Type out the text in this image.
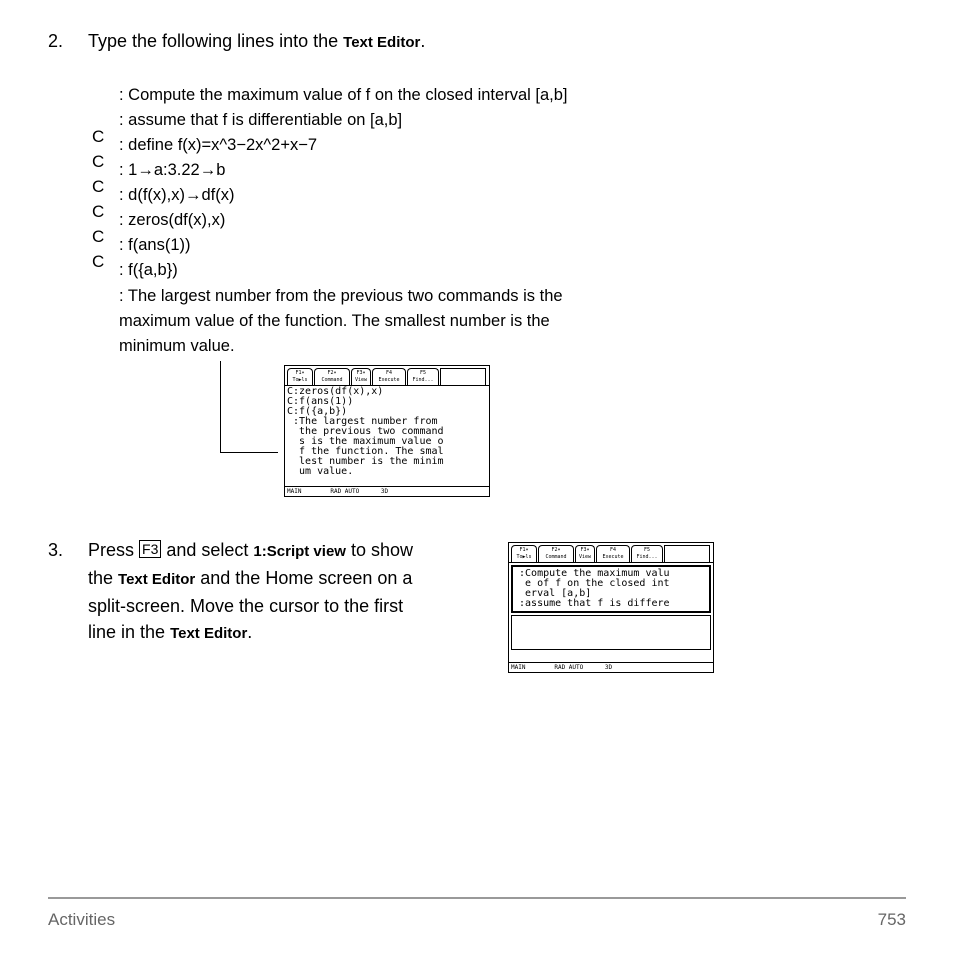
2. Type the following lines into the Text Editor.
: Compute the maximum value of f on the closed interval [a,b]
: assume that f is differentiable on [a,b]
C : define f(x)=x^3−2x^2+x−7
C : 1→a:3.22→b
C : d(f(x),x)→df(x)
C : zeros(df(x),x)
C : f(ans(1))
C : f({a,b})
: The largest number from the previous two commands is the
maximum value of the function. The smallest number is the
minimum value.
F1▾
To▶ls
F2▾
Command
F3▾
View
F4
Execute
F5
Find...
C:zeros(df(x),x)
C:f(ans(1))
C:f({a,b})
:The largest number from
the previous two command
s is the maximum value o
f the function. The smal
lest number is the minim
um value.
MAIN        RAD AUTO      3D
3. Press F3 and select 1:Script view to show
the Text Editor and the Home screen on a
split-screen. Move the cursor to the first
line in the Text Editor.
F1▾
To▶ls
F2▾
Command
F3▾
View
F4
Execute
F5
Find...
:Compute the maximum valu
e of f on the closed int
erval [a,b]
:assume that f is differe
MAIN        RAD AUTO      3D
Activities	753
